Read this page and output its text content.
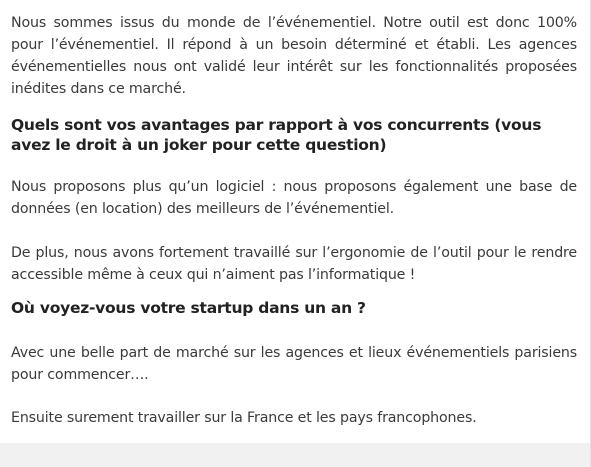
Nous sommes issus du monde de l’événementiel. Notre outil est donc 100% pour l’événementiel. Il répond à un besoin déterminé et établi. Les agences événementielles nous ont validé leur intérêt sur les fonctionnalités proposées inédites dans ce marché.

Quels sont vos avantages par rapport à vos concurrents (vous avez le droit à un joker pour cette question)

Nous proposons plus qu’un logiciel : nous proposons également une base de données (en location) des meilleurs de l’événementiel.

De plus, nous avons fortement travaillé sur l’ergonomie de l’outil pour le rendre accessible même à ceux qui n’aiment pas l’informatique !

Où voyez-vous votre startup dans un an ?

Avec une belle part de marché sur les agences et lieux événementiels parisiens pour commencer….

Ensuite surement travailler sur la France et les pays francophones.
